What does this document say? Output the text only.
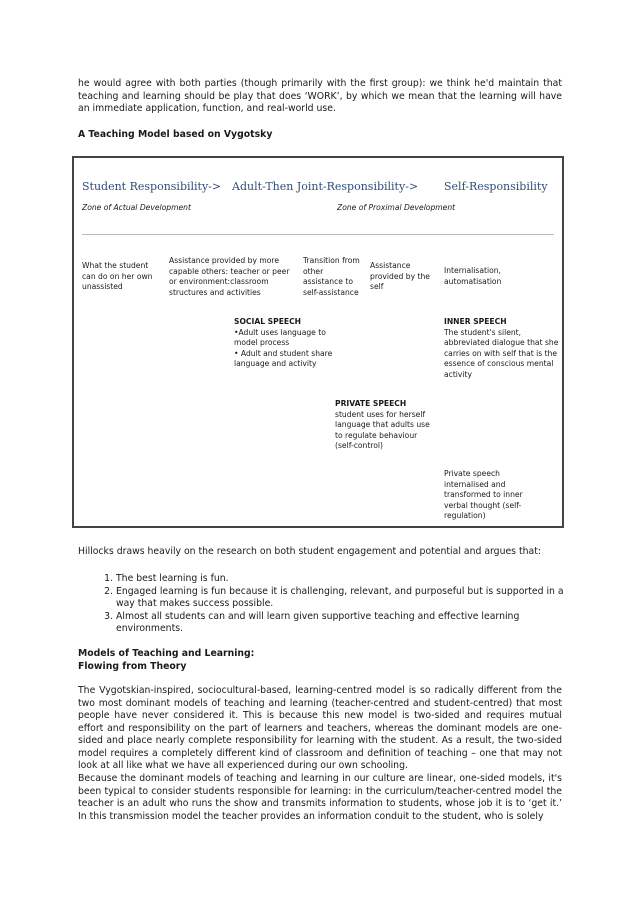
he would agree with both parties (though primarily with the first group): we think he'd maintain that teaching and learning should be play that does ‘WORK’, by which we mean that the learning will have an immediate application, function, and real-world use.
A Teaching Model based on Vygotsky
Student Responsibility-> Adult-Then Joint-Responsibility-> Self-Responsibility
Zone of Actual Development	Zone of Proximal Development
What the student can do on her own unassisted
Assistance provided by more capable others: teacher or peer or environment:classroom structures and activities
Transition from other assistance to self-assistance
Assistance provided by the self
Internalisation, automatisation
SOCIAL SPEECH
•Adult uses language to model process
• Adult and student share language and activity
INNER SPEECH
The student's silent, abbreviated dialogue that she carries on with self that is the essence of conscious mental activity
PRIVATE SPEECH
student uses for herself language that adults use to regulate behaviour (self-control)
Private speech internalised and transformed to inner verbal thought (self-regulation)
Hillocks draws heavily on the research on both student engagement and potential and argues that:
1. The best learning is fun.
2. Engaged learning is fun because it is challenging, relevant, and purposeful but is supported in a way that makes success possible.
3. Almost all students can and will learn given supportive teaching and effective learning environments.
Models of Teaching and Learning:
Flowing from Theory
The Vygotskian-inspired, sociocultural-based, learning-centred model is so radically different from the two most dominant models of teaching and learning (teacher-centred and student-centred) that most people have never considered it. This is because this new model is two-sided and requires mutual effort and responsibility on the part of learners and teachers, whereas the dominant models are one-sided and place nearly complete responsibility for learning with the student. As a result, the two-sided model requires a completely different kind of classroom and definition of teaching – one that may not look at all like what we have all experienced during our own schooling.
Because the dominant models of teaching and learning in our culture are linear, one-sided models, it's been typical to consider students responsible for learning: in the curriculum/teacher-centred model the teacher is an adult who runs the show and transmits information to students, whose job it is to ‘get it.’ In this transmission model the teacher provides an information conduit to the student, who is solely
